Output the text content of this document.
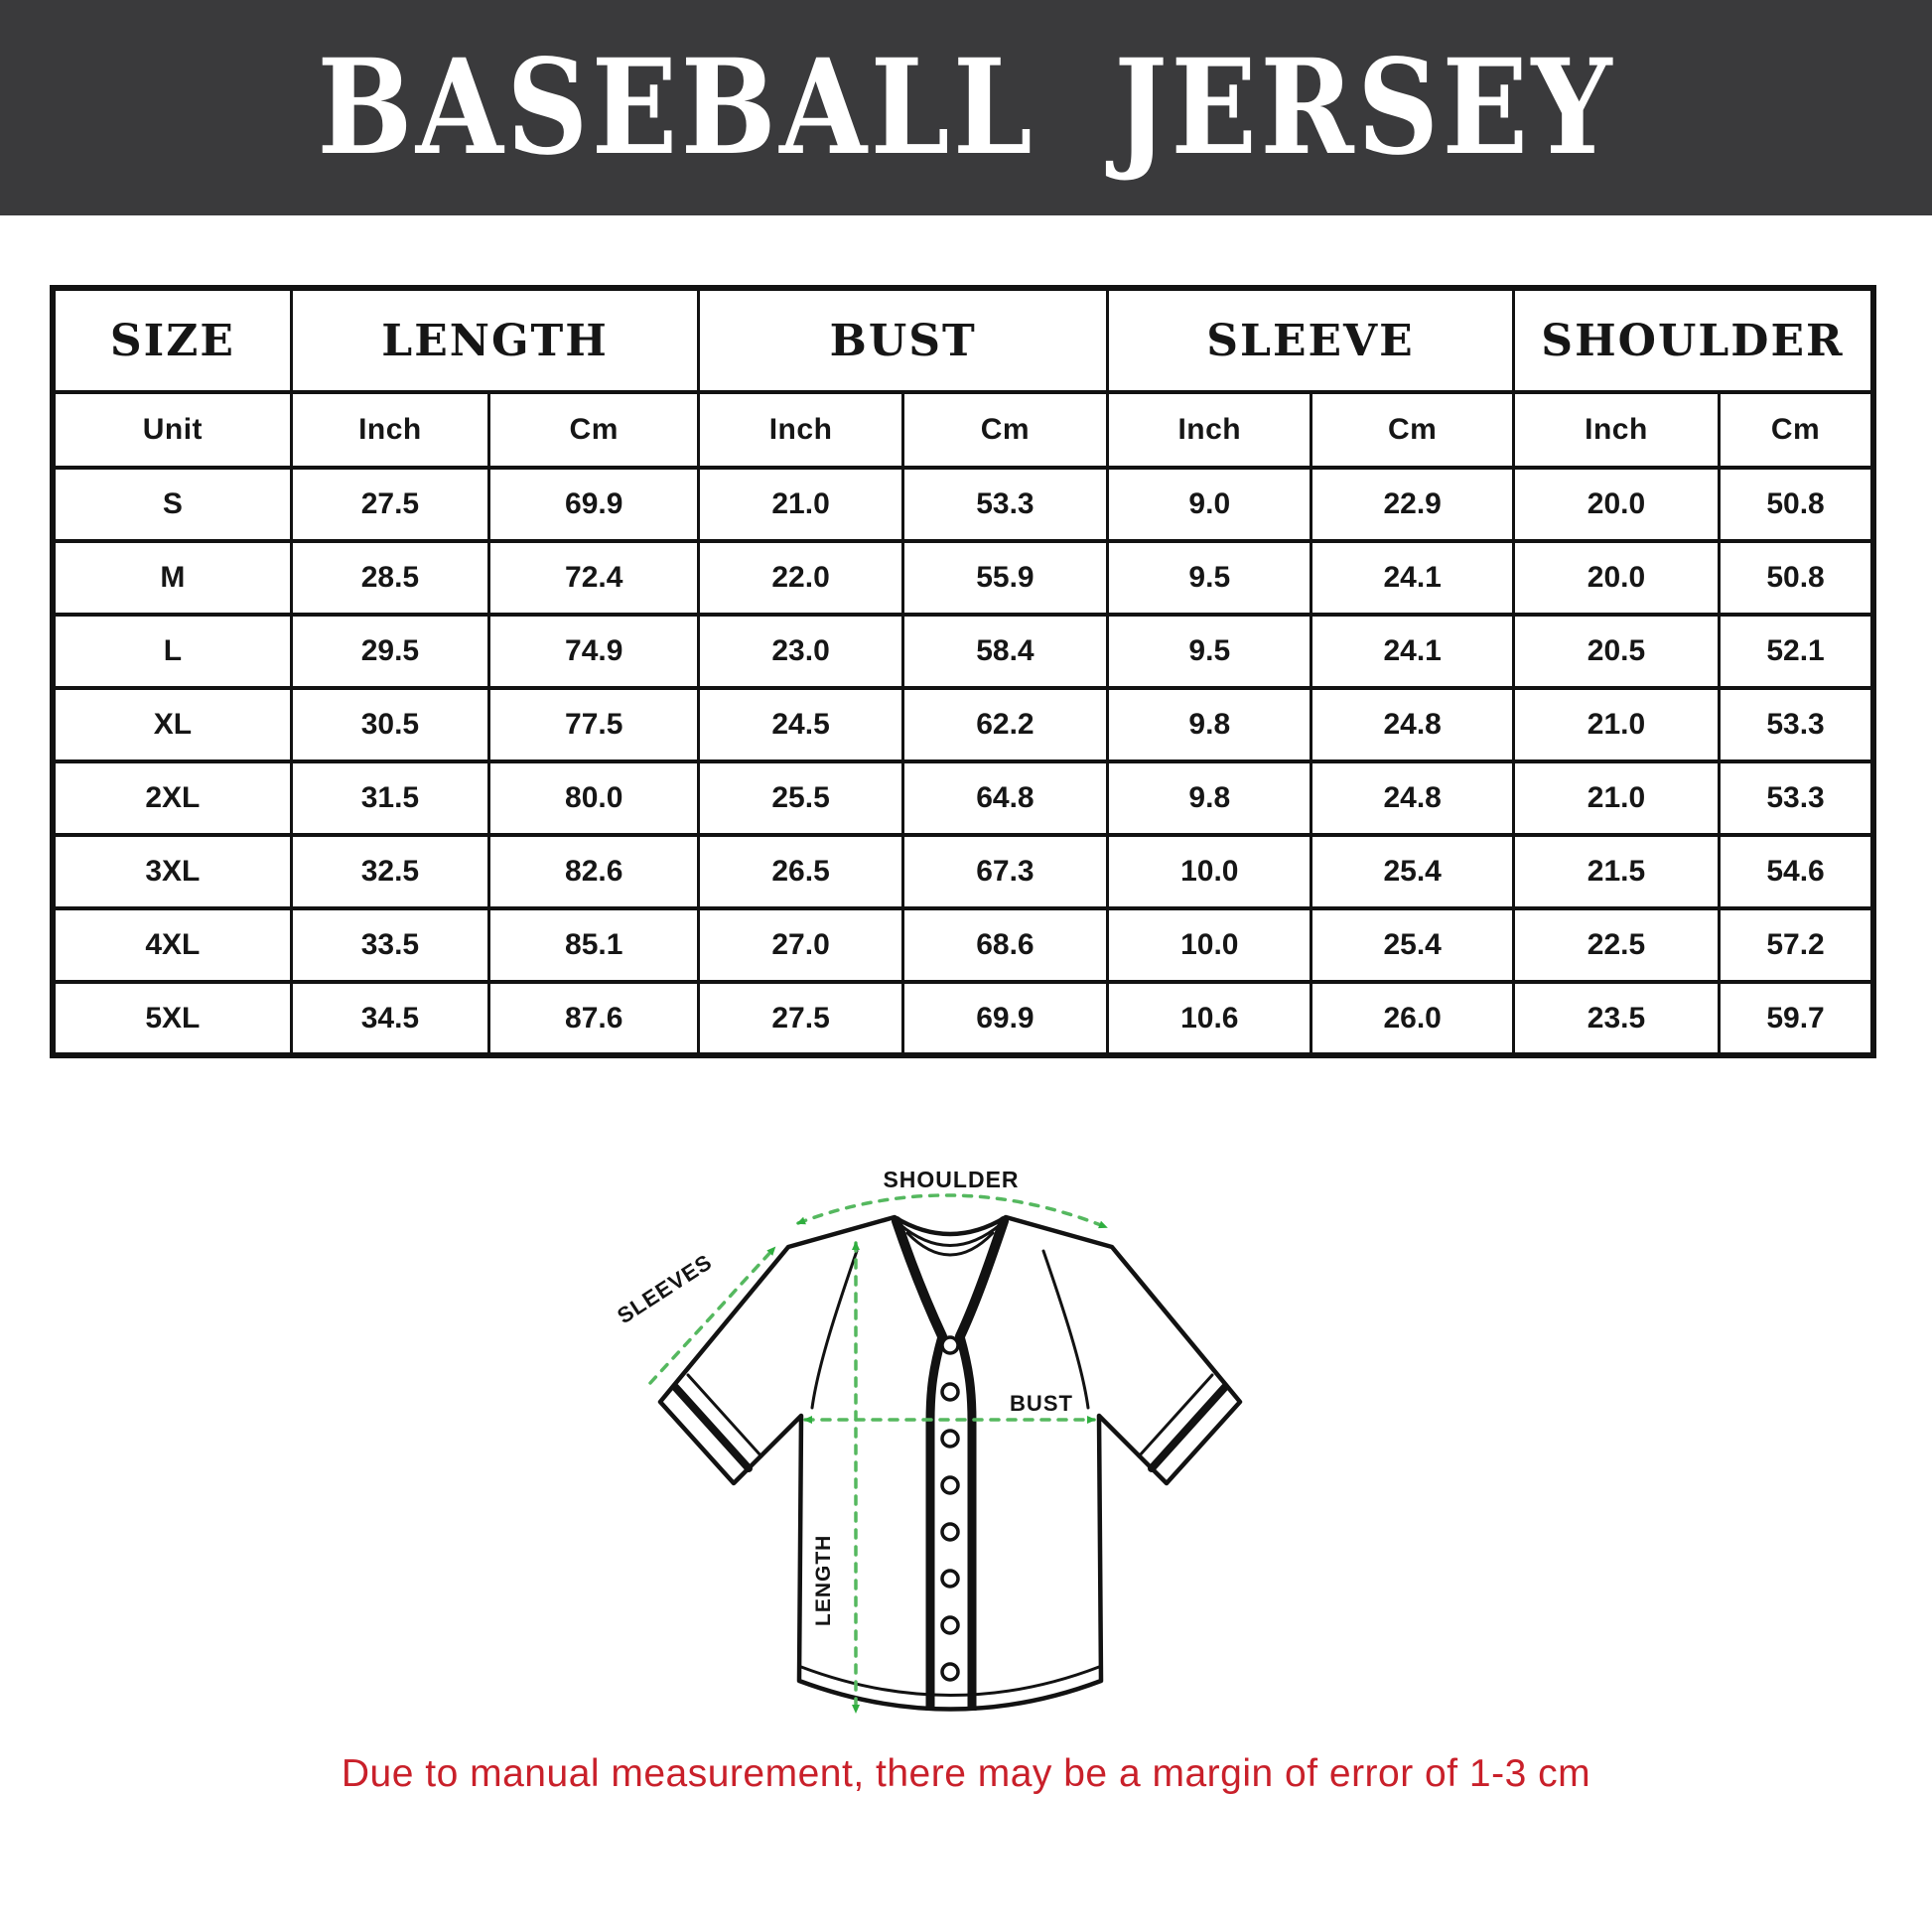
BASEBALL JERSEY
SIZE	LENGTH		BUST		SLEEVE		SHOULDER	
Unit	Inch	Cm	Inch	Cm	Inch	Cm	Inch	Cm
S	27.5	69.9	21.0	53.3	9.0	22.9	20.0	50.8
M	28.5	72.4	22.0	55.9	9.5	24.1	20.0	50.8
L	29.5	74.9	23.0	58.4	9.5	24.1	20.5	52.1
XL	30.5	77.5	24.5	62.2	9.8	24.8	21.0	53.3
2XL	31.5	80.0	25.5	64.8	9.8	24.8	21.0	53.3
3XL	32.5	82.6	26.5	67.3	10.0	25.4	21.5	54.6
4XL	33.5	85.1	27.0	68.6	10.0	25.4	22.5	57.2
5XL	34.5	87.6	27.5	69.9	10.6	26.0	23.5	59.7
SHOULDER
SLEEVES
BUST
LENGTH

Due to manual measurement, there may be a margin of error of 1-3 cm
